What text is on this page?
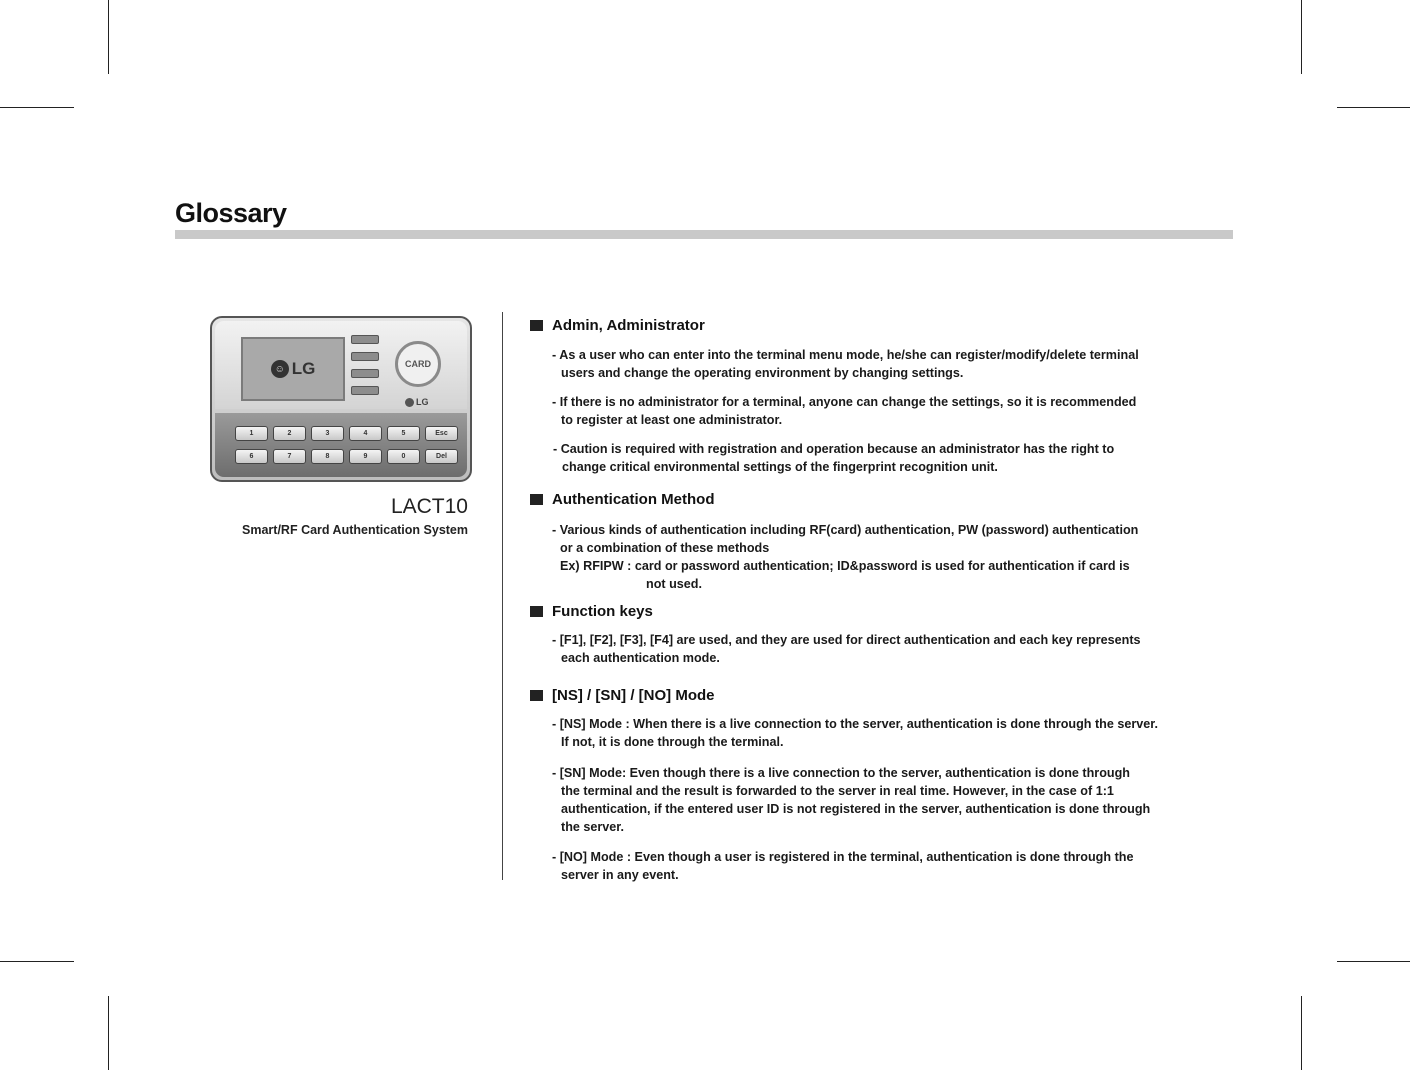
Glossary
☺ LG	CARD
LG
1	2	3	4	5	Esc
6	7	8	9	0	Del
LACT10
Smart/RF Card Authentication System
Admin, Administrator
- As a user who can enter into the terminal menu mode, he/she can register/modify/delete terminal
users and change the operating environment by changing settings.
- If there is no administrator for a terminal, anyone can change the settings, so it is recommended
to register at least one administrator.
- Caution is required with registration and operation because an administrator has the right to
change critical environmental settings of the fingerprint recognition unit.
Authentication Method
- Various kinds of authentication including RF(card) authentication, PW (password) authentication
or a combination of these methods
Ex) RFIPW : card or password authentication; ID&password is used for authentication if card is
not used.
Function keys
- [F1], [F2], [F3], [F4] are used, and they are used for direct authentication and each key represents
each authentication mode.
[NS] / [SN] / [NO] Mode
- [NS] Mode : When there is a live connection to the server, authentication is done through the server.
If not, it is done through the terminal.
- [SN] Mode: Even though there is a live connection to the server, authentication is done through
the terminal and the result is forwarded to the server in real time. However, in the case of 1:1
authentication, if the entered user ID is not registered in the server, authentication is done through
the server.
- [NO] Mode : Even though a user is registered in the terminal, authentication is done through the
server in any event.
